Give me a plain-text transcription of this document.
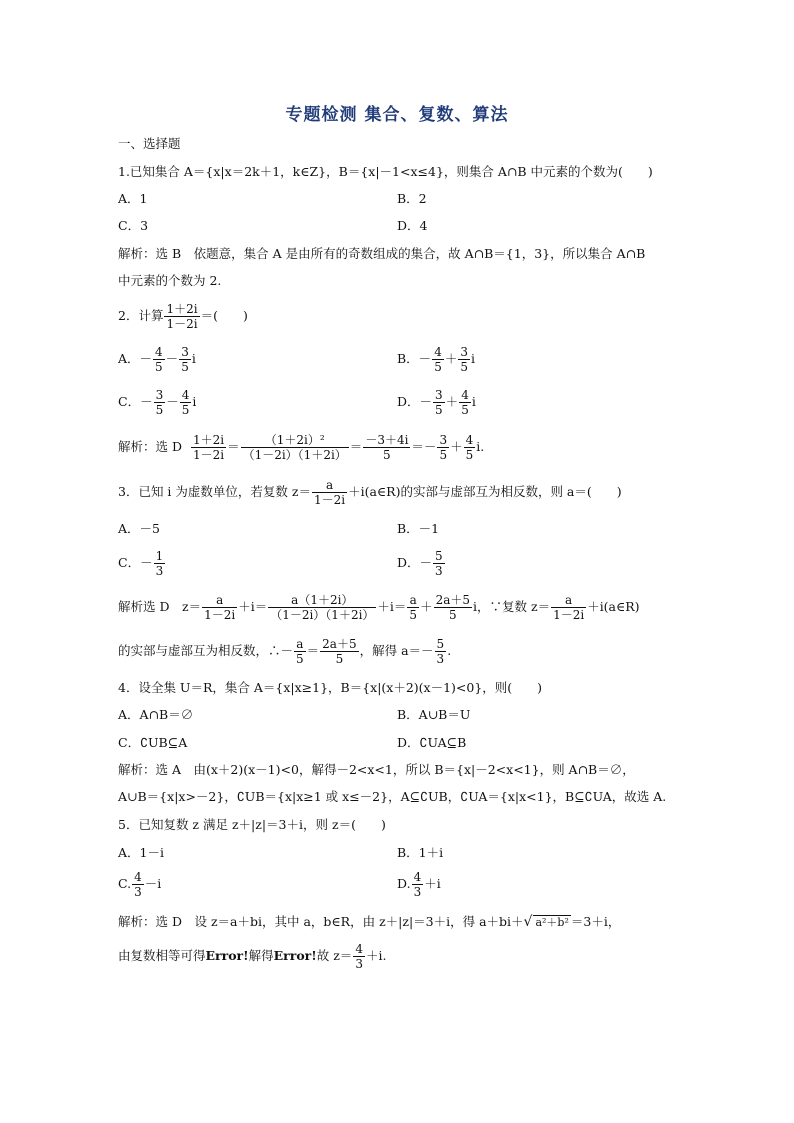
专题检测 集合、复数、算法
一、选择题
1.已知集合 A＝{x|x＝2k＋1，k∈Z}，B＝{x|－1<x≤4}，则集合 A∩B 中元素的个数为(　　)
A．1	B．2
C．3	D．4
解析：选 B　依题意，集合 A 是由所有的奇数组成的集合，故 A∩B＝{1，3}，所以集合 A∩B
中元素的个数为 2.
2．计算 $\frac{1+2i}{1-2i}$ ＝(　　)
A．－ $\frac{4}{5} - \frac{3}{5}$ i	B．－ $\frac{4}{5} + \frac{3}{5}$ i
C．－ $\frac{3}{5} - \frac{4}{5}$ i	D．－ $\frac{3}{5} + \frac{4}{5}$ i
解析：选 D $\frac{1+2i}{1-2i} = \frac{\text{（1＋2i）²}}{(1-2i)(1+2i)} = \frac{-3+4i}{5} =- \frac{3}{5} + \frac{4}{5} i$.
3．已知 i 为虚数单位，若复数 $z= \frac{a}{1-2i}$ ＋i(a∈R)的实部与虚部互为相反数，则 a＝(　　)
A．－5	B．－1
C．－ $\frac{1}{3}$	D．－ $\frac{5}{3}$
解析选 D　$z= \frac{a}{1-2i} +i= \frac{a(1+2i)}{(1-2i)(1+2i)} +i= \frac{a}{5} + \frac{2a+5}{5}$ i，∵复数 $z= \frac{a}{1-2i}$ ＋i(a∈R)
的实部与虚部互为相反数，∴－ $\frac{a}{5} = \frac{2a+5}{5}$ ，解得 $a=- \frac{5}{3}$ .
4．设全集 U＝R，集合 A＝{x|x≥1}，B＝{x|(x＋2)(x－1)<0}，则(　　)
A．A∩B＝∅	B．A∪B＝U
C．∁UB⊆A	D．∁UA⊆B
解析：选 A　由(x＋2)(x－1)<0，解得－2<x<1，所以 B＝{x|－2<x<1}，则 A∩B＝∅，
A∪B＝{x|x>－2}，∁UB＝{x|x≥1 或 x≤－2}，A⊆∁UB，∁UA＝{x|x<1}，B⊆∁UA，故选 A.
5．已知复数 z 满足 z＋|z|＝3＋i，则 z＝(　　)
A．1－i	B．1＋i
C. $\frac{4}{3} -i$	D. $\frac{4}{3} +i$
解析：选 D　设 z＝a＋bi，其中 a，b∈R，由 z＋|z|＝3＋i，得 a＋bi＋√ a²＋b² ＝3＋i，
由复数相等可得Error!解得Error!故 $z= \frac{4}{3} +i$.
